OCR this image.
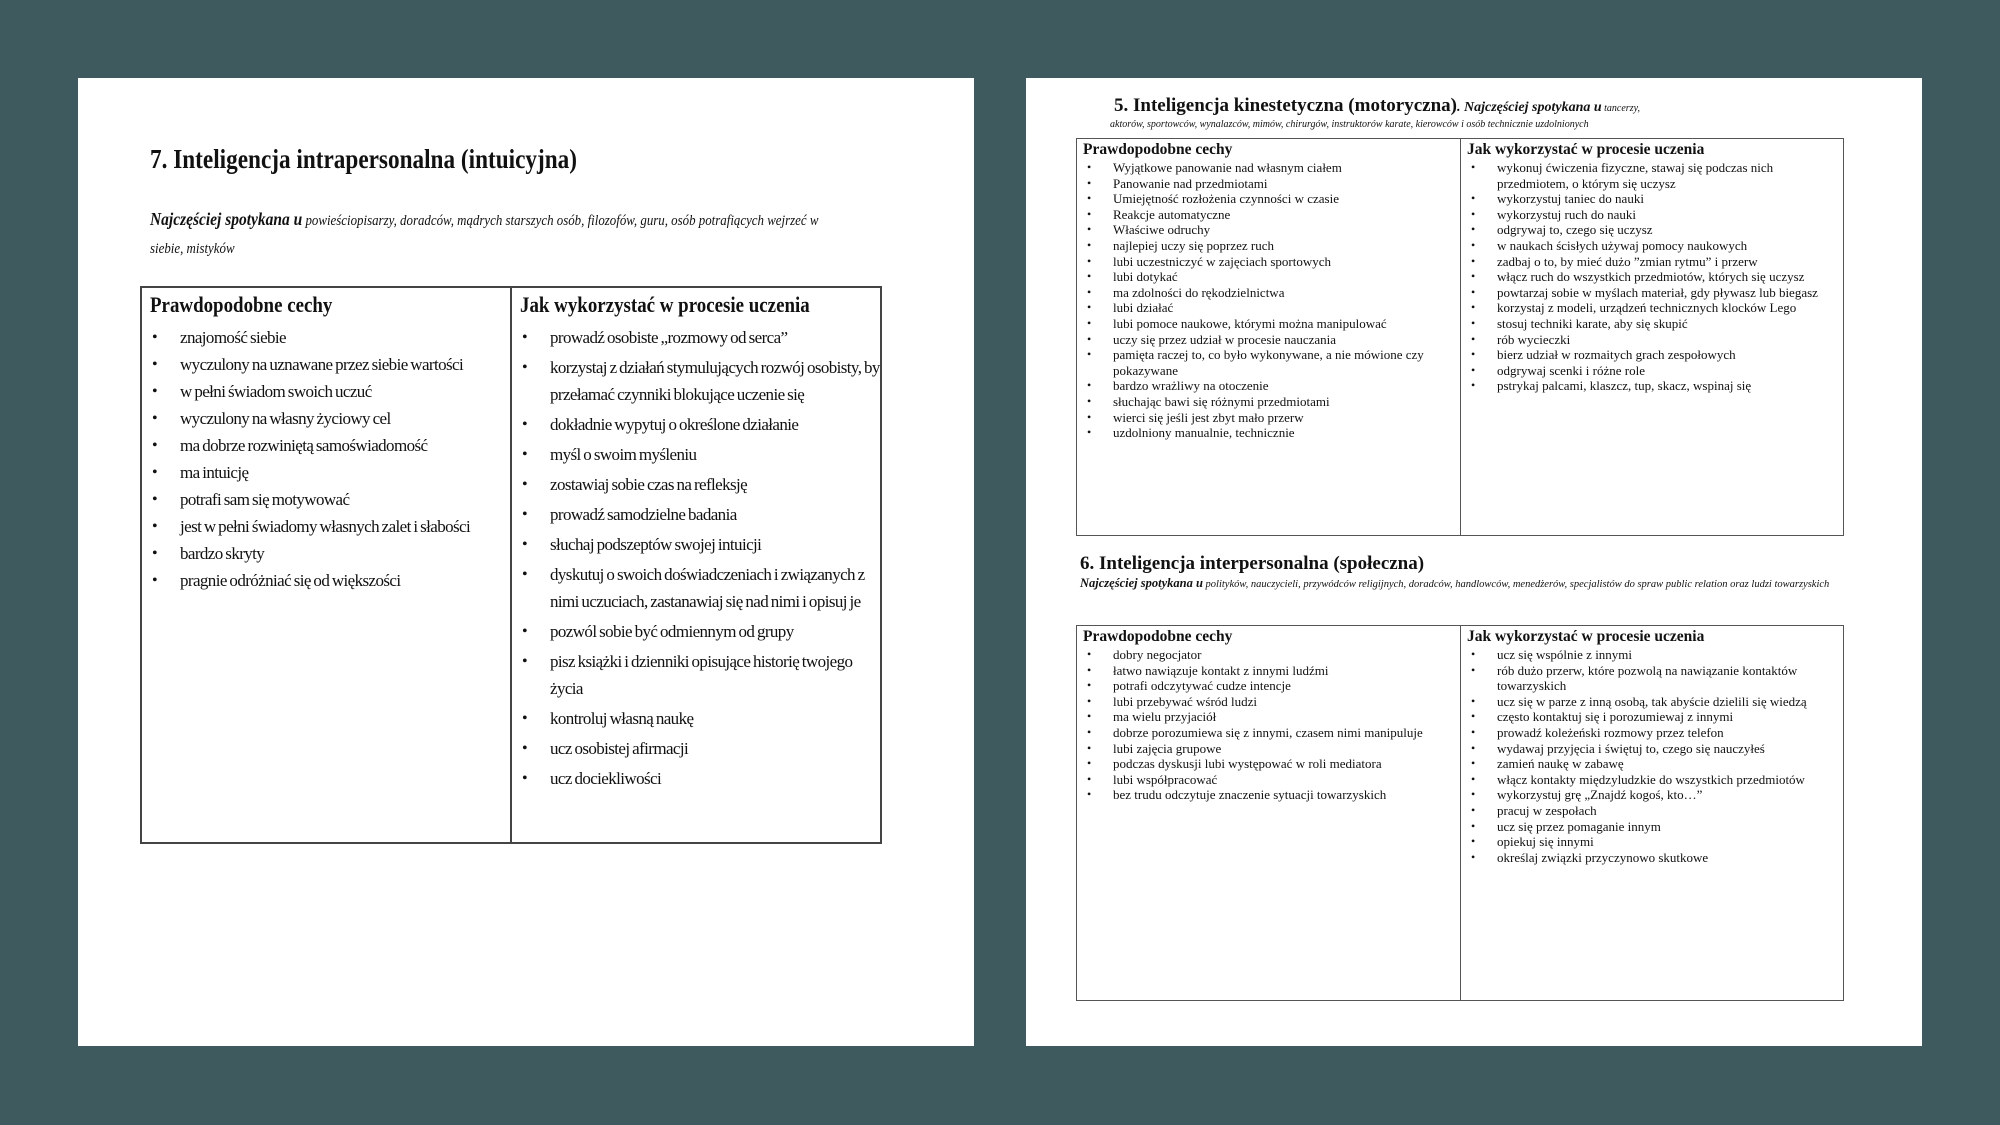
7. Inteligencja intrapersonalna (intuicyjna)

Najczęściej spotykana u powieściopisarzy, doradców, mądrych starszych osób, filozofów, guru, osób potrafiących wejrzeć w siebie, mistyków

Prawdopodobne cechy
• znajomość siebie
• wyczulony na uznawane przez siebie wartości
• w pełni świadom swoich uczuć
• wyczulony na własny życiowy cel
• ma dobrze rozwiniętą samoświadomość
• ma intuicję
• potrafi sam się motywować
• jest w pełni świadomy własnych zalet i słabości
• bardzo skryty
• pragnie odróżniać się od większości
Jak wykorzystać w procesie uczenia
• prowadź osobiste „rozmowy od serca”
• korzystaj z działań stymulujących rozwój osobisty, by przełamać czynniki blokujące uczenie się
• dokładnie wypytuj o określone działanie
• myśl o swoim myśleniu
• zostawiaj sobie czas na refleksję
• prowadź samodzielne badania
• słuchaj podszeptów swojej intuicji
• dyskutuj o swoich doświadczeniach i związanych z nimi uczuciach, zastanawiaj się nad nimi i opisuj je
• pozwól sobie być odmiennym od grupy
• pisz książki i dzienniki opisujące historię twojego życia
• kontroluj własną naukę
• ucz osobistej afirmacji
• ucz dociekliwości

5. Inteligencja kinestetyczna (motoryczna). Najczęściej spotykana u tancerzy,

aktorów, sportowców, wynalazców, mimów, chirurgów, instruktorów karate, kierowców i osób technicznie uzdolnionych

Prawdopodobne cechy
• Wyjątkowe panowanie nad własnym ciałem
• Panowanie nad przedmiotami
• Umiejętność rozłożenia czynności w czasie
• Reakcje automatyczne
• Właściwe odruchy
• najlepiej uczy się poprzez ruch
• lubi uczestniczyć w zajęciach sportowych
• lubi dotykać
• ma zdolności do rękodzielnictwa
• lubi działać
• lubi pomoce naukowe, którymi można manipulować
• uczy się przez udział w procesie nauczania
• pamięta raczej to, co było wykonywane, a nie mówione czy pokazywane
• bardzo wrażliwy na otoczenie
• słuchając bawi się różnymi przedmiotami
• wierci się jeśli jest zbyt mało przerw
• uzdolniony manualnie, technicznie
Jak wykorzystać w procesie uczenia
• wykonuj ćwiczenia fizyczne, stawaj się podczas nich przedmiotem, o którym się uczysz
• wykorzystuj taniec do nauki
• wykorzystuj ruch do nauki
• odgrywaj to, czego się uczysz
• w naukach ścisłych używaj pomocy naukowych
• zadbaj o to, by mieć dużo ”zmian rytmu” i przerw
• włącz ruch do wszystkich przedmiotów, których się uczysz
• powtarzaj sobie w myślach materiał, gdy pływasz lub biegasz
• korzystaj z modeli, urządzeń technicznych klocków Lego
• stosuj techniki karate, aby się skupić
• rób wycieczki
• bierz udział w rozmaitych grach zespołowych
• odgrywaj scenki i różne role
• pstrykaj palcami, klaszcz, tup, skacz, wspinaj się
6. Inteligencja interpersonalna (społeczna)

Najczęściej spotykana u polityków, nauczycieli, przywódców religijnych, doradców, handlowców, menedżerów, specjalistów do spraw public relation oraz ludzi towarzyskich

Prawdopodobne cechy
• dobry negocjator
• łatwo nawiązuje kontakt z innymi ludźmi
• potrafi odczytywać cudze intencje
• lubi przebywać wśród ludzi
• ma wielu przyjaciół
• dobrze porozumiewa się z innymi, czasem nimi manipuluje
• lubi zajęcia grupowe
• podczas dyskusji lubi występować w roli mediatora
• lubi współpracować
• bez trudu odczytuje znaczenie sytuacji towarzyskich
Jak wykorzystać w procesie uczenia
• ucz się wspólnie z innymi
• rób dużo przerw, które pozwolą na nawiązanie kontaktów towarzyskich
• ucz się w parze z inną osobą, tak abyście dzielili się wiedzą
• często kontaktuj się i porozumiewaj z innymi
• prowadź koleżeński rozmowy przez telefon
• wydawaj przyjęcia i świętuj to, czego się nauczyłeś
• zamień naukę w zabawę
• włącz kontakty międzyludzkie do wszystkich przedmiotów
• wykorzystuj grę „Znajdź kogoś, kto…”
• pracuj w zespołach
• ucz się przez pomaganie innym
• opiekuj się innymi
• określaj związki przyczynowo skutkowe
